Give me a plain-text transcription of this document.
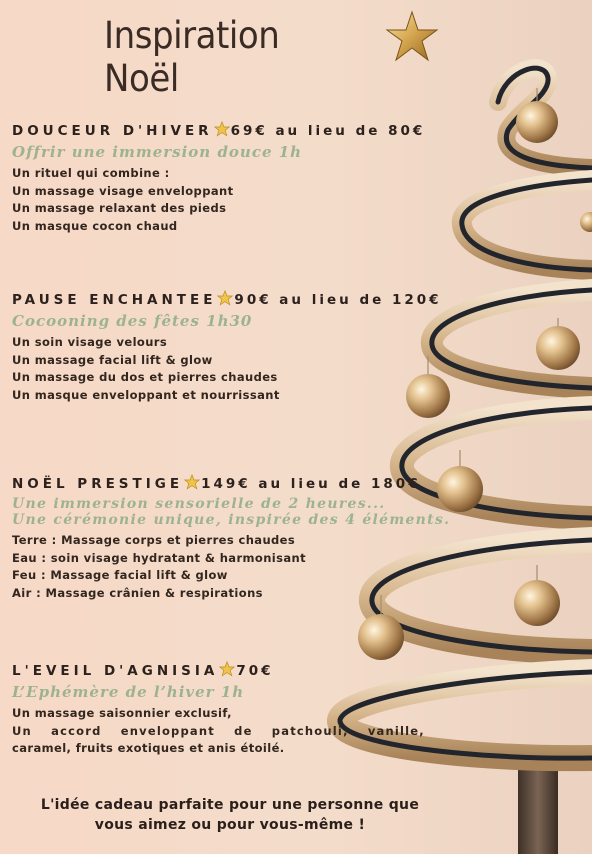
Inspiration Noël
DOUCEUR D'HIVER 69€ au lieu de 80€
Offrir une immersion douce 1h
Un rituel qui combine :
Un massage visage enveloppant
Un massage relaxant des pieds
Un masque cocon chaud
PAUSE ENCHANTEE 90€ au lieu de 120€
Cocooning des fêtes 1h30
Un soin visage velours
Un massage facial lift & glow
Un massage du dos et pierres chaudes
Un masque enveloppant et nourrissant
NOËL PRESTIGE 149€ au lieu de 180€
Une immersion sensorielle de 2 heures...
Une cérémonie unique, inspirée des 4 éléments.
Terre : Massage corps et pierres chaudes
Eau : soin visage hydratant & harmonisant
Feu : Massage facial lift & glow
Air : Massage crânien & respirations
L'EVEIL D'AGNISIA 70€
L’Ephémère de l’hiver 1h
Un massage saisonnier exclusif,
Un accord enveloppant de patchouli, vanille,
caramel, fruits exotiques et anis étoilé.
L'idée cadeau parfaite pour une personne que
vous aimez ou pour vous-même !
